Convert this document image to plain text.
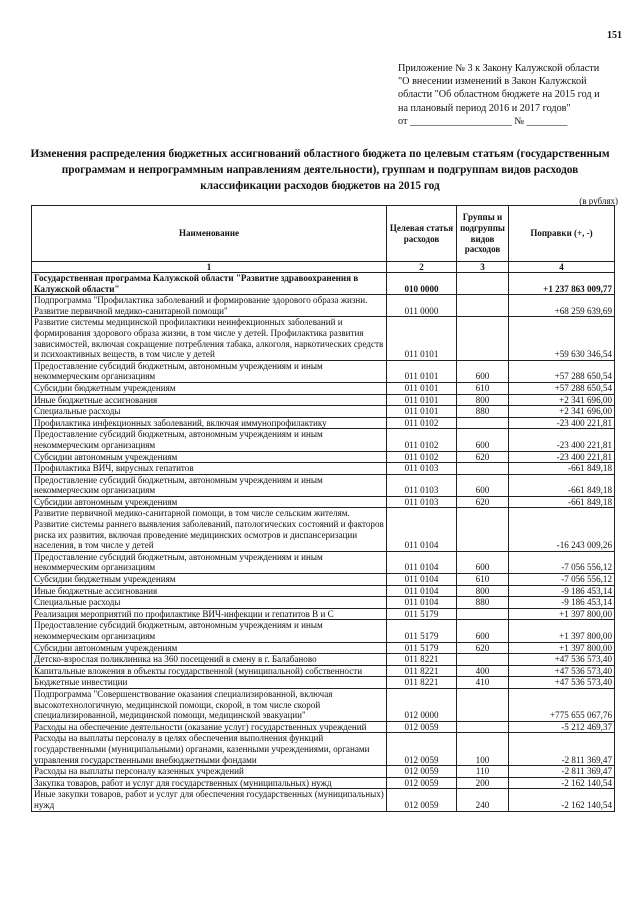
151
Приложение № 3 к Закону Калужской области
"О внесении изменений в Закон Калужской
области "Об областном бюджете на 2015 год и
на плановый период 2016 и 2017 годов"
от ____________________ № ________
Изменения распределения бюджетных ассигнований областного бюджета по целевым статьям (государственным
программам и непрограммным направлениям деятельности), группам и подгруппам видов расходов
классификации расходов бюджетов на 2015 год
(в рублях)
Наименование	Целевая статья расходов	Группы и подгруппы видов расходов	Поправки (+, -)
1	2	3	4
Государственная программа Калужской области "Развитие здравоохранения в Калужской области"	010 0000		+1 237 863 009,77
Подпрограмма "Профилактика заболеваний и формирование здорового образа жизни. Развитие первичной медико-санитарной помощи"	011 0000		+68 259 639,69
Развитие системы медицинской профилактики неинфекционных заболеваний и формирования здорового образа жизни, в том числе у детей. Профилактика развития зависимостей, включая сокращение потребления табака, алкоголя, наркотических средств и психоактивных веществ, в том числе у детей	011 0101		+59 630 346,54
Предоставление субсидий бюджетным, автономным учреждениям и иным некоммерческим организациям	011 0101	600	+57 288 650,54
Субсидии бюджетным учреждениям	011 0101	610	+57 288 650,54
Иные бюджетные ассигнования	011 0101	800	+2 341 696,00
Специальные расходы	011 0101	880	+2 341 696,00
Профилактика инфекционных заболеваний, включая иммунопрофилактику	011 0102		-23 400 221,81
Предоставление субсидий бюджетным, автономным учреждениям и иным некоммерческим организациям	011 0102	600	-23 400 221,81
Субсидии автономным учреждениям	011 0102	620	-23 400 221,81
Профилактика ВИЧ, вирусных гепатитов	011 0103		-661 849,18
Предоставление субсидий бюджетным, автономным учреждениям и иным некоммерческим организациям	011 0103	600	-661 849,18
Субсидии автономным учреждениям	011 0103	620	-661 849,18
Развитие первичной медико-санитарной помощи, в том числе сельским жителям. Развитие системы раннего выявления заболеваний, патологических состояний и факторов риска их развития, включая проведение медицинских осмотров и диспансеризации населения, в том числе у детей	011 0104		-16 243 009,26
Предоставление субсидий бюджетным, автономным учреждениям и иным некоммерческим организациям	011 0104	600	-7 056 556,12
Субсидии бюджетным учреждениям	011 0104	610	-7 056 556,12
Иные бюджетные ассигнования	011 0104	800	-9 186 453,14
Специальные расходы	011 0104	880	-9 186 453,14
Реализация мероприятий по профилактике ВИЧ-инфекции и гепатитов В и С	011 5179		+1 397 800,00
Предоставление субсидий бюджетным, автономным учреждениям и иным некоммерческим организациям	011 5179	600	+1 397 800,00
Субсидии автономным учреждениям	011 5179	620	+1 397 800,00
Детско-взрослая поликлиника на 360 посещений в смену в г. Балабаново	011 8221		+47 536 573,40
Капитальные вложения в объекты государственной (муниципальной) собственности	011 8221	400	+47 536 573,40
Бюджетные инвестиции	011 8221	410	+47 536 573,40
Подпрограмма "Совершенствование оказания специализированной, включая высокотехнологичную, медицинской помощи, скорой, в том числе скорой специализированной, медицинской помощи, медицинской эвакуации"	012 0000		+775 655 067,76
Расходы на обеспечение деятельности (оказание услуг) государственных учреждений	012 0059		-5 212 469,37
Расходы на выплаты персоналу в целях обеспечения выполнения функций государственными (муниципальными) органами, казенными учреждениями, органами управления государственными внебюджетными фондами	012 0059	100	-2 811 369,47
Расходы на выплаты персоналу казенных учреждений	012 0059	110	-2 811 369,47
Закупка товаров, работ и услуг для государственных (муниципальных) нужд	012 0059	200	-2 162 140,54
Иные закупки товаров, работ и услуг для обеспечения государственных (муниципальных) нужд	012 0059	240	-2 162 140,54
